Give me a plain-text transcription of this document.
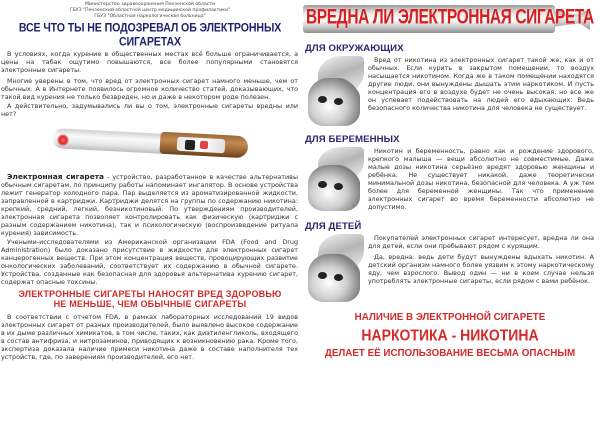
Министерство здравоохранения Пензенской области
ГБУЗ "Пензенский областной центр медицинской профилактики"
ГБУЗ "Областная наркологическая больница"
ВСЕ ЧТО ТЫ НЕ ПОДОЗРЕВАЛ ОБ ЭЛЕКТРОННЫХ СИГАРЕТАХ

В условиях, когда курение в общественных местах всё больше ограничивается, а цены на табак ощутимо повышаются, все более популярными становятся электронные сигареты.

Многие уверены в том, что вред от электронных сигарет намного меньше, чем от обычных. А в Интернете появилось огромное количество статей, доказывающих, что такой вид курения не только безвреден, но и даже в некотором роде полезен.

А действительно, задумывались ли вы о том, электронные сигареты вредны или нет?

Электронная сигарета - устройство, разработанное в качестве альтернативы обычным сигаретам, по принципу работы напоминает ингалятор. В основе устройства лежит генератор холодного пара. Пар выделяется из ароматизированной жидкости, заправленной в картриджи. Картриджи делятся на группы по содержанию никотина: крепкий, средний, легкий, безникотиновый. По утверждениям производителей, электронная сигарета позволяет контролировать как физическую (картриджи с разным содержанием никотина), так и психологическую (воспроизведение ритуала курения) зависимость.

Учеными-исследователями из Американской организации FDA (Food and Drug Administration) было доказано присутствие в жидкости для электронных сигарет канцерогенных веществ. При этом концентрация веществ, провоцирующих развитие онкологических заболеваний, соответствует их содержанию в обычной сигарете. Устройства, созданные как безопасная для здоровья альтернатива курению сигарет, содержат опасные токсины.

ЭЛЕКТРОННЫЕ СИГАРЕТЫ НАНОСЯТ ВРЕД ЗДОРОВЬЮ
НЕ МЕНЬШЕ, ЧЕМ ОБЫЧНЫЕ СИГАРЕТЫ

В соответствии с отчетом FDA, в рамках лабораторных исследований 19 видов электронных сигарет от разных производителей, было выявлено высокое содержание в их дыме различных химикатов, в том числе, таких, как диэтиленгликоль, входящего в состав антифриза, и нитрозаминов, приводящих к возникновению рака. Кроме того, экспертиза доказала наличие примеси никотина даже в составе наполнителя тех устройств, где, по заверениям производителей, его нет.

ВРЕДНА ЛИ ЭЛЕКТРОННАЯ СИГАРЕТА
ДЛЯ ОКРУЖАЮЩИХ

Вред от никотина из электронных сигарет такой же, как и от обычных. Если курить в закрытом помещении, то воздух насыщается никотином. Когда же в таком помещении находятся другие люди, они вынуждены дышать этим наркотиком. И пусть концентрация его в воздухе будет не очень высокая, но все же он успевает подействовать на людей его вдыхающих. Ведь безопасного количества никотина для человека не существует.

ДЛЯ БЕРЕМЕННЫХ

Никотин и беременность, равно как и рождение здорового, крепкого малыша — вещи абсолютно не совместимые. Даже малые дозы никотина серьёзно вредят здоровью женщины и ребёнка. Не существует никакой, даже теоретически минимальной дозы никотина, безопасной для человека. А уж тем более для беременной женщины. Так что применение электронных сигарет во время беременности абсолютно не допустимо.

ДЛЯ ДЕТЕЙ

Покупателей электронных сигарет интересует, вредна ли она для детей, если они пребывают рядом с курящим.

Да, вредна: ведь дети будут вынуждены вдыхать никотин. А детский организм намного более уязвим к этому наркотическому яду, чем взрослого. Вывод один — ни в коем случае нельзя употреблять электронные сигареты, если рядом с вами ребёнок.

НАЛИЧИЕ В ЭЛЕКТРОННОЙ СИГАРЕТЕ
НАРКОТИКА - НИКОТИНА
ДЕЛАЕТ ЕЁ ИСПОЛЬЗОВАНИЕ ВЕСЬМА ОПАСНЫМ
